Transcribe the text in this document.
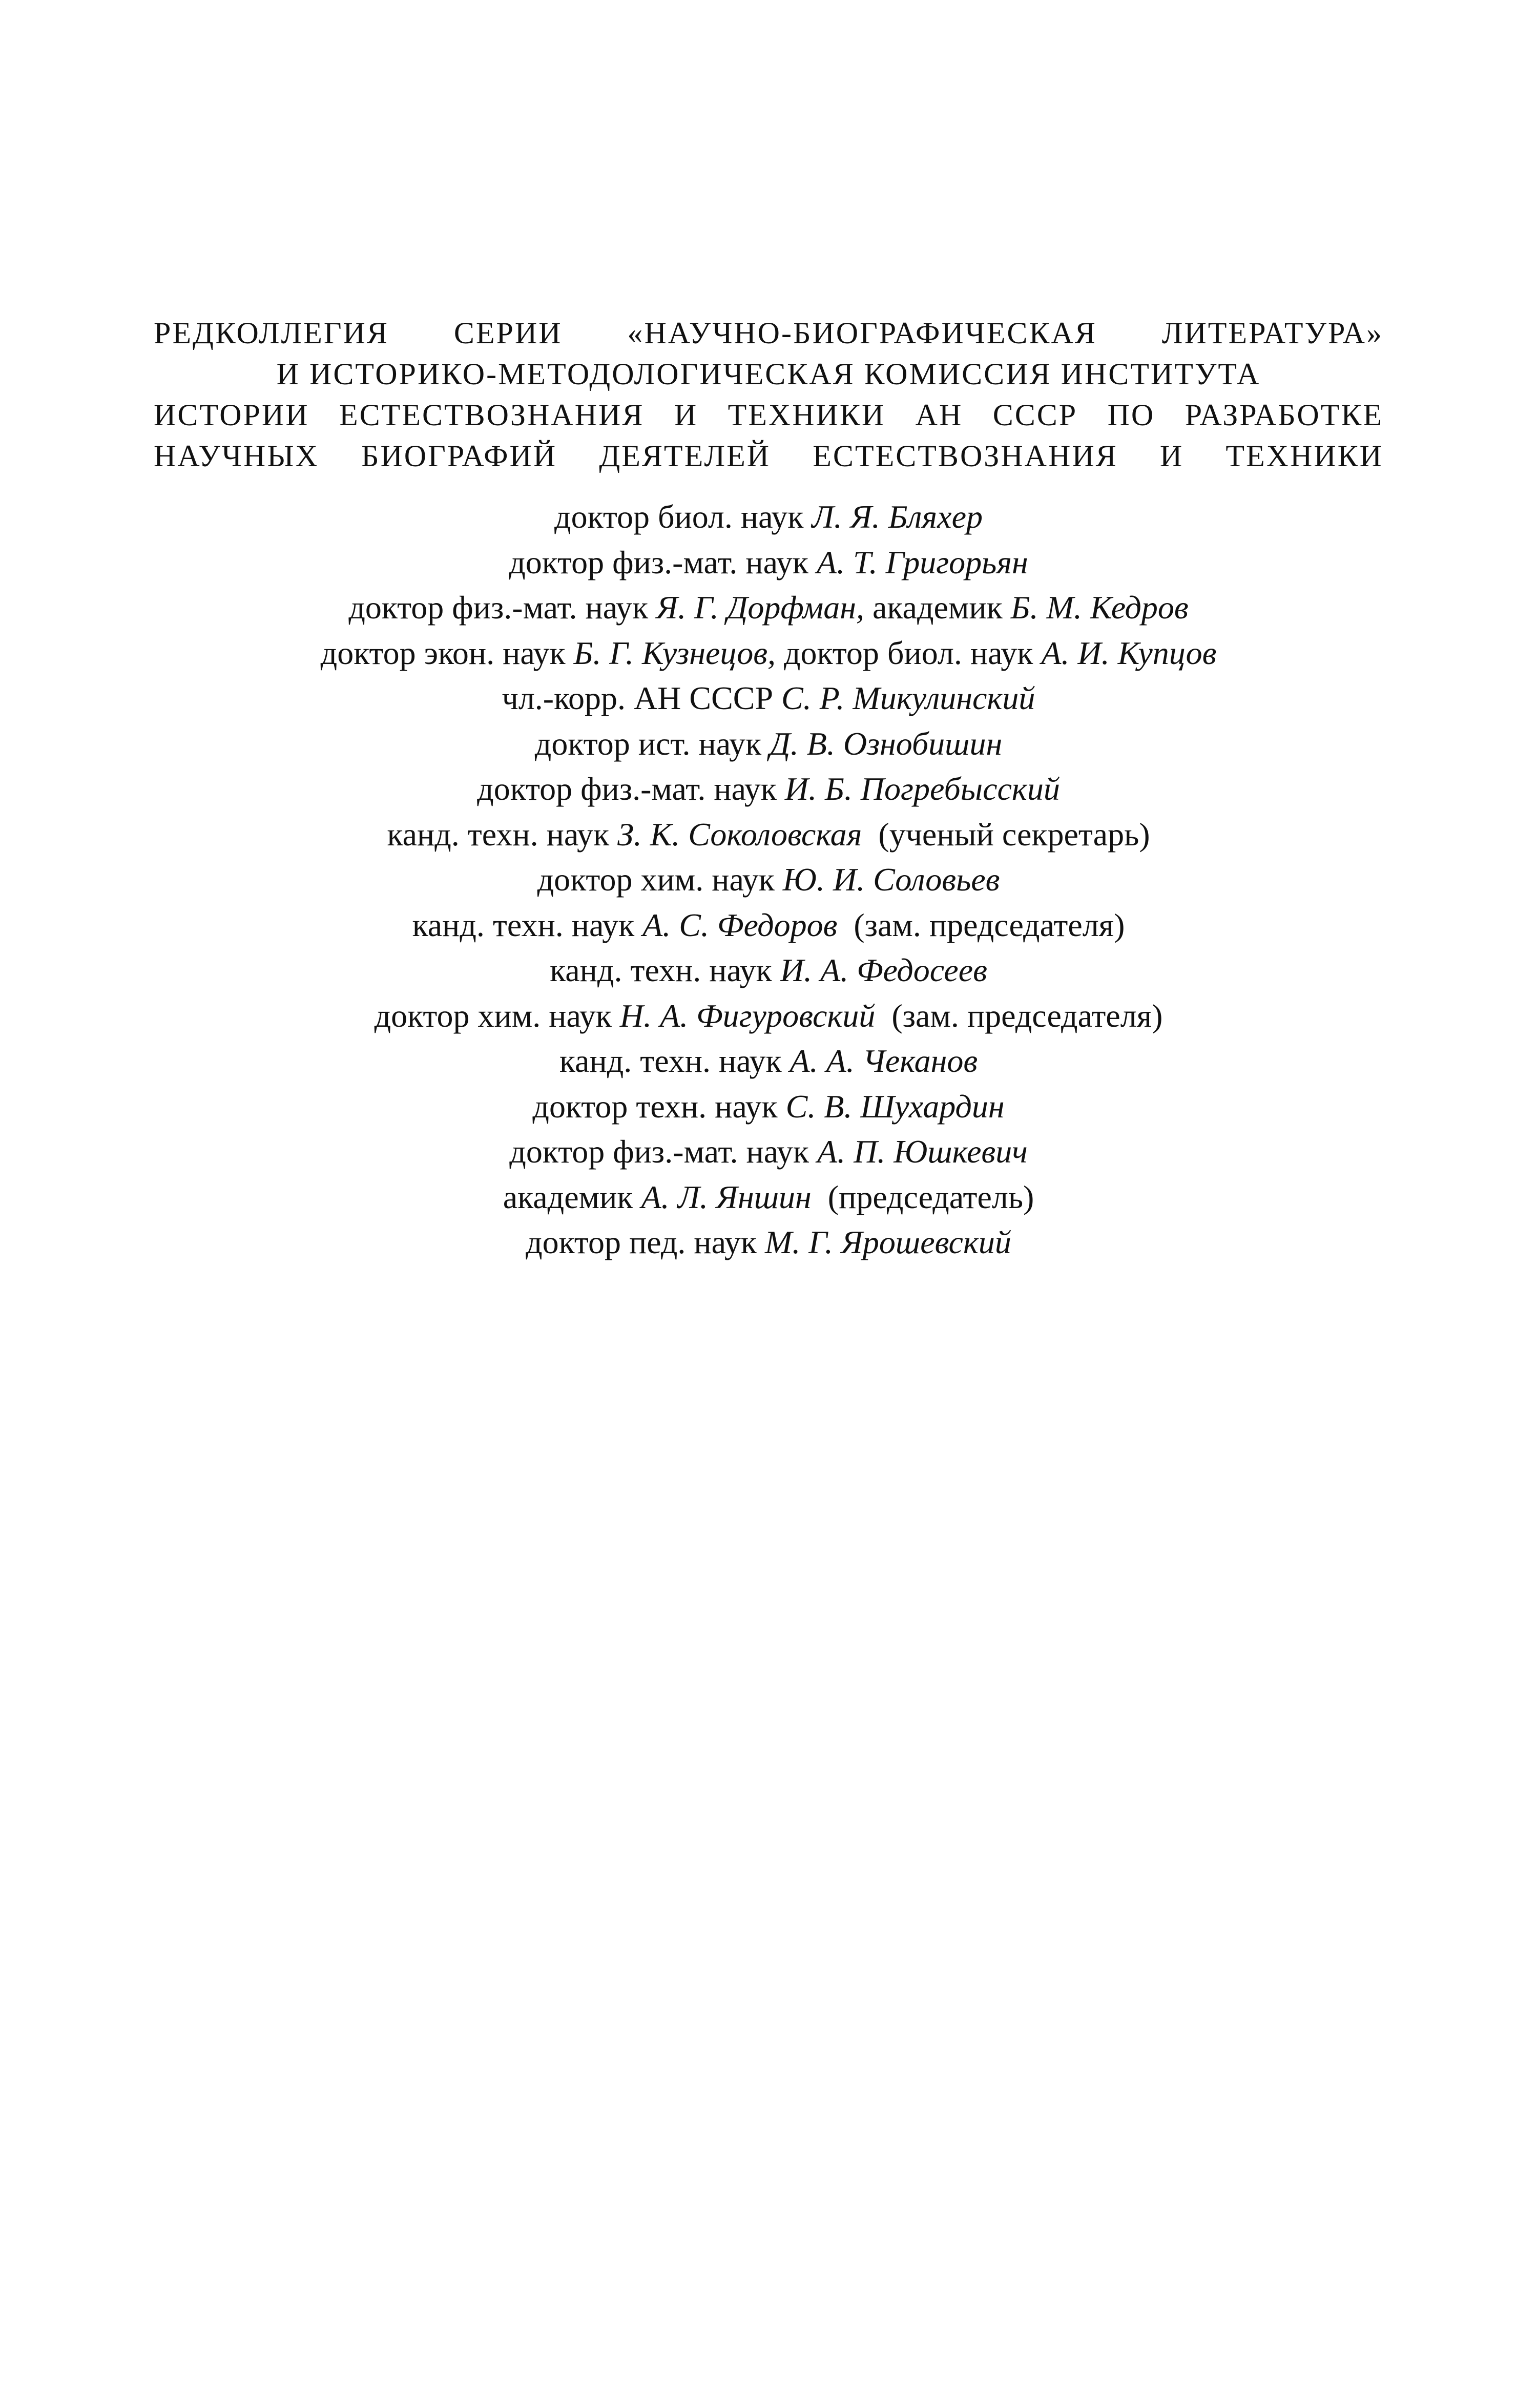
РЕДКОЛЛЕГИЯ СЕРИИ «НАУЧНО-БИОГРАФИЧЕСКАЯ ЛИТЕРАТУРА»
И ИСТОРИКО-МЕТОДОЛОГИЧЕСКАЯ КОМИССИЯ ИНСТИТУТА
ИСТОРИИ ЕСТЕСТВОЗНАНИЯ И ТЕХНИКИ АН СССР ПО РАЗРАБОТКЕ
НАУЧНЫХ БИОГРАФИЙ ДЕЯТЕЛЕЙ ЕСТЕСТВОЗНАНИЯ И ТЕХНИКИ
доктор биол. наук Л. Я. Бляхер
доктор физ.-мат. наук А. Т. Григорьян
доктор физ.-мат. наук Я. Г. Дорфман, академик Б. М. Кедров
доктор экон. наук Б. Г. Кузнецов, доктор биол. наук А. И. Купцов
чл.-корр. АН СССР С. Р. Микулинский
доктор ист. наук Д. В. Ознобишин
доктор физ.-мат. наук И. Б. Погребысский
канд. техн. наук З. К. Соколовская (ученый секретарь)
доктор хим. наук Ю. И. Соловьев
канд. техн. наук А. С. Федоров (зам. председателя)
канд. техн. наук И. А. Федосеев
доктор хим. наук Н. А. Фигуровский (зам. председателя)
канд. техн. наук А. А. Чеканов
доктор техн. наук С. В. Шухардин
доктор физ.-мат. наук А. П. Юшкевич
академик А. Л. Яншин (председатель)
доктор пед. наук М. Г. Ярошевский
